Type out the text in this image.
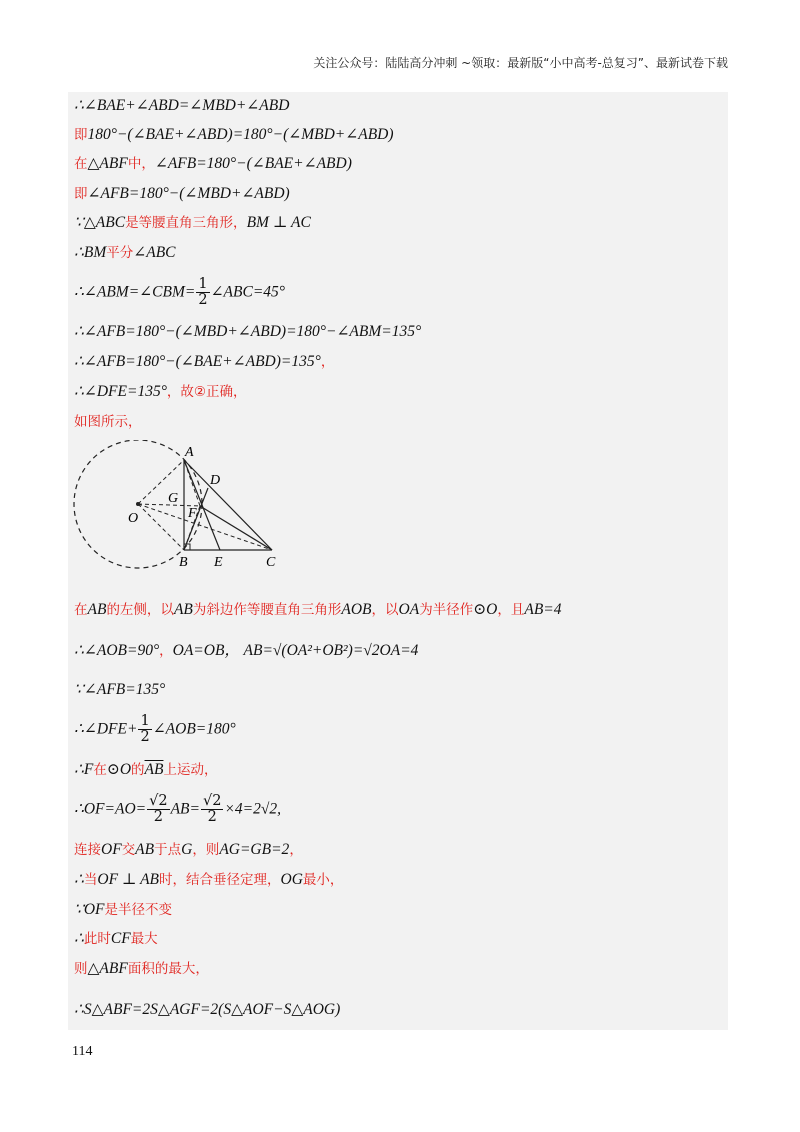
关注公众号：陆陆高分冲刺 ~领取：最新版“小中高考-总复习”、最新试卷下载
∴∠BAE+∠ABD=∠MBD+∠ABD
即180°−(∠BAE+∠ABD)=180°−(∠MBD+∠ABD)
在△ABF中，∠AFB=180°−(∠BAE+∠ABD)
即∠AFB=180°−(∠MBD+∠ABD)
∵△ABC是等腰直角三角形，BM ⊥ AC
∴BM平分∠ABC
∴∠ABM=∠CBM= $\frac{1}{2}$ ∠ABC=45°
∴∠AFB=180°−(∠MBD+∠ABD)=180°−∠ABM=135°
∴∠AFB=180°−(∠BAE+∠ABD)=135°，
∴∠DFE=135°，故②正确，
如图所示，
A
D
G
F
O
B E	C
在AB的左侧，以AB为斜边作等腰直角三角形AOB，以OA为半径作⊙O，且AB=4
∴∠AOB=90°，OA=OB， AB=√(OA²+OB²)=√2OA=4
∵∠AFB=135°
∴∠DFE+ $\frac{1}{2}$ ∠AOB=180°
∴F在⊙O的$\overline{AB}$上运动，
∴OF=AO= $\frac{√2}{2} AB= \frac{√2}{2} \times 4=2√2$,
连接OF交AB于点G，则AG=GB=2，
∴当OF ⊥ AB时，结合垂径定理，OG最小，
∵OF是半径不变
∴此时CF最大
则△ABF面积的最大，
∴S△ABF=2S△AGF=2(S△AOF−S△AOG)
114
